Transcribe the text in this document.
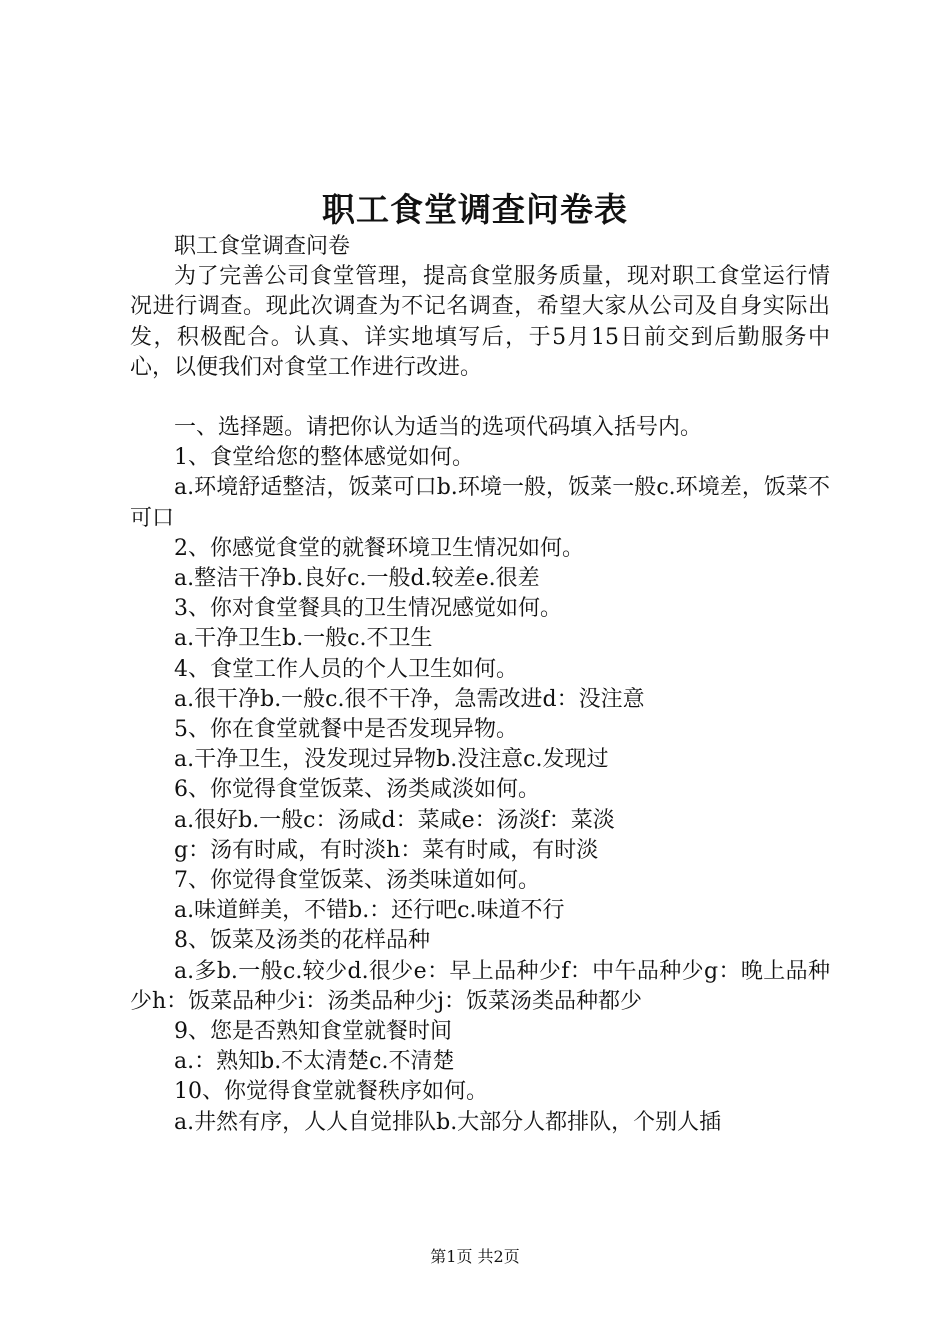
职工食堂调查问卷表

职工食堂调查问卷

为了完善公司食堂管理，提高食堂服务质量，现对职工食堂运行情况进行调查。现此次调查为不记名调查，希望大家从公司及自身实际出发，积极配合。认真、详实地填写后，于5月15日前交到后勤服务中心，以便我们对食堂工作进行改进。

一、选择题。请把你认为适当的选项代码填入括号内。

1、食堂给您的整体感觉如何。

a.环境舒适整洁，饭菜可口b.环境一般，饭菜一般c.环境差，饭菜不可口

2、你感觉食堂的就餐环境卫生情况如何。

a.整洁干净b.良好c.一般d.较差e.很差

3、你对食堂餐具的卫生情况感觉如何。

a.干净卫生b.一般c.不卫生

4、食堂工作人员的个人卫生如何。

a.很干净b.一般c.很不干净，急需改进d：没注意

5、你在食堂就餐中是否发现异物。

a.干净卫生，没发现过异物b.没注意c.发现过

6、你觉得食堂饭菜、汤类咸淡如何。

a.很好b.一般c：汤咸d：菜咸e：汤淡f：菜淡

g：汤有时咸，有时淡h：菜有时咸，有时淡

7、你觉得食堂饭菜、汤类味道如何。

a.味道鲜美，不错b.：还行吧c.味道不行

8、饭菜及汤类的花样品种

a.多b.一般c.较少d.很少e：早上品种少f：中午品种少g：晚上品种少h：饭菜品种少i：汤类品种少j：饭菜汤类品种都少

9、您是否熟知食堂就餐时间

a.：熟知b.不太清楚c.不清楚

10、你觉得食堂就餐秩序如何。

a.井然有序，人人自觉排队b.大部分人都排队，个别人插

第1页 共2页
